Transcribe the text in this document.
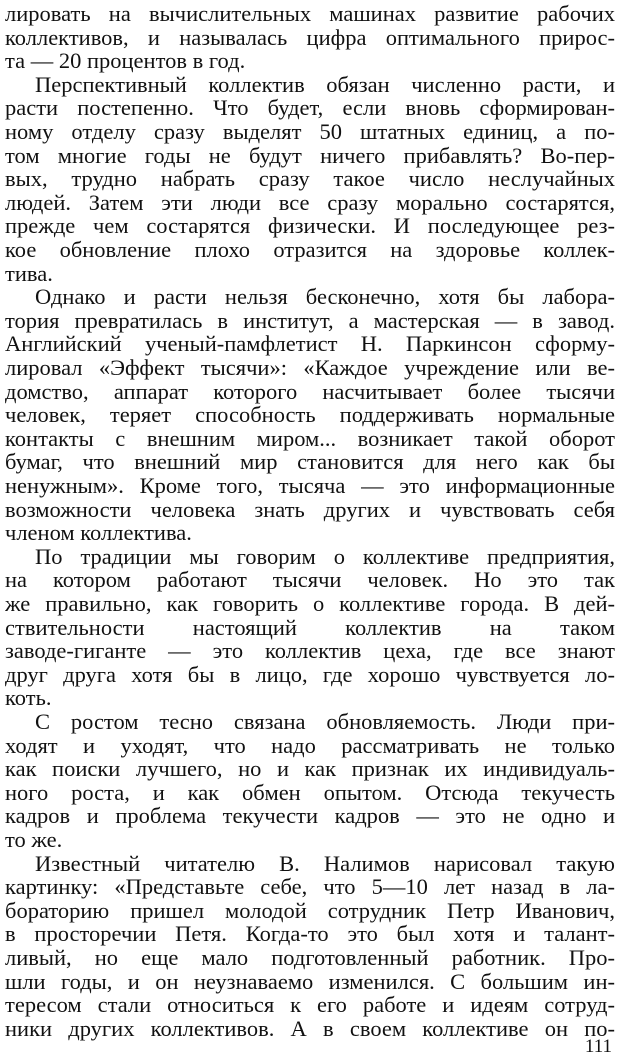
лировать на вычислительных машинах развитие рабочих
коллективов, и называлась цифра оптимального прирос-
та — 20 процентов в год.
Перспективный коллектив обязан численно расти, и
расти постепенно. Что будет, если вновь сформирован-
ному отделу сразу выделят 50 штатных единиц, а по-
том многие годы не будут ничего прибавлять? Во-пер-
вых, трудно набрать сразу такое число неслучайных
людей. Затем эти люди все сразу морально состарятся,
прежде чем состарятся физически. И последующее рез-
кое обновление плохо отразится на здоровье коллек-
тива.
Однако и расти нельзя бесконечно, хотя бы лабора-
тория превратилась в институт, а мастерская — в завод.
Английский ученый-памфлетист Н. Паркинсон сформу-
лировал «Эффект тысячи»: «Каждое учреждение или ве-
домство, аппарат которого насчитывает более тысячи
человек, теряет способность поддерживать нормальные
контакты с внешним миром... возникает такой оборот
бумаг, что внешний мир становится для него как бы
ненужным». Кроме того, тысяча — это информационные
возможности человека знать других и чувствовать себя
членом коллектива.
По традиции мы говорим о коллективе предприятия,
на котором работают тысячи человек. Но это так
же правильно, как говорить о коллективе города. В дей-
ствительности настоящий коллектив на таком
заводе-гиганте — это коллектив цеха, где все знают
друг друга хотя бы в лицо, где хорошо чувствуется ло-
коть.
С ростом тесно связана обновляемость. Люди при-
ходят и уходят, что надо рассматривать не только
как поиски лучшего, но и как признак их индивидуаль-
ного роста, и как обмен опытом. Отсюда текучесть
кадров и проблема текучести кадров — это не одно и
то же.
Известный читателю В. Налимов нарисовал такую
картинку: «Представьте себе, что 5—10 лет назад в ла-
бораторию пришел молодой сотрудник Петр Иванович,
в просторечии Петя. Когда-то это был хотя и талант-
ливый, но еще мало подготовленный работник. Про-
шли годы, и он неузнаваемо изменился. С большим ин-
тересом стали относиться к его работе и идеям сотруд-
ники других коллективов. А в своем коллективе он по-
111
